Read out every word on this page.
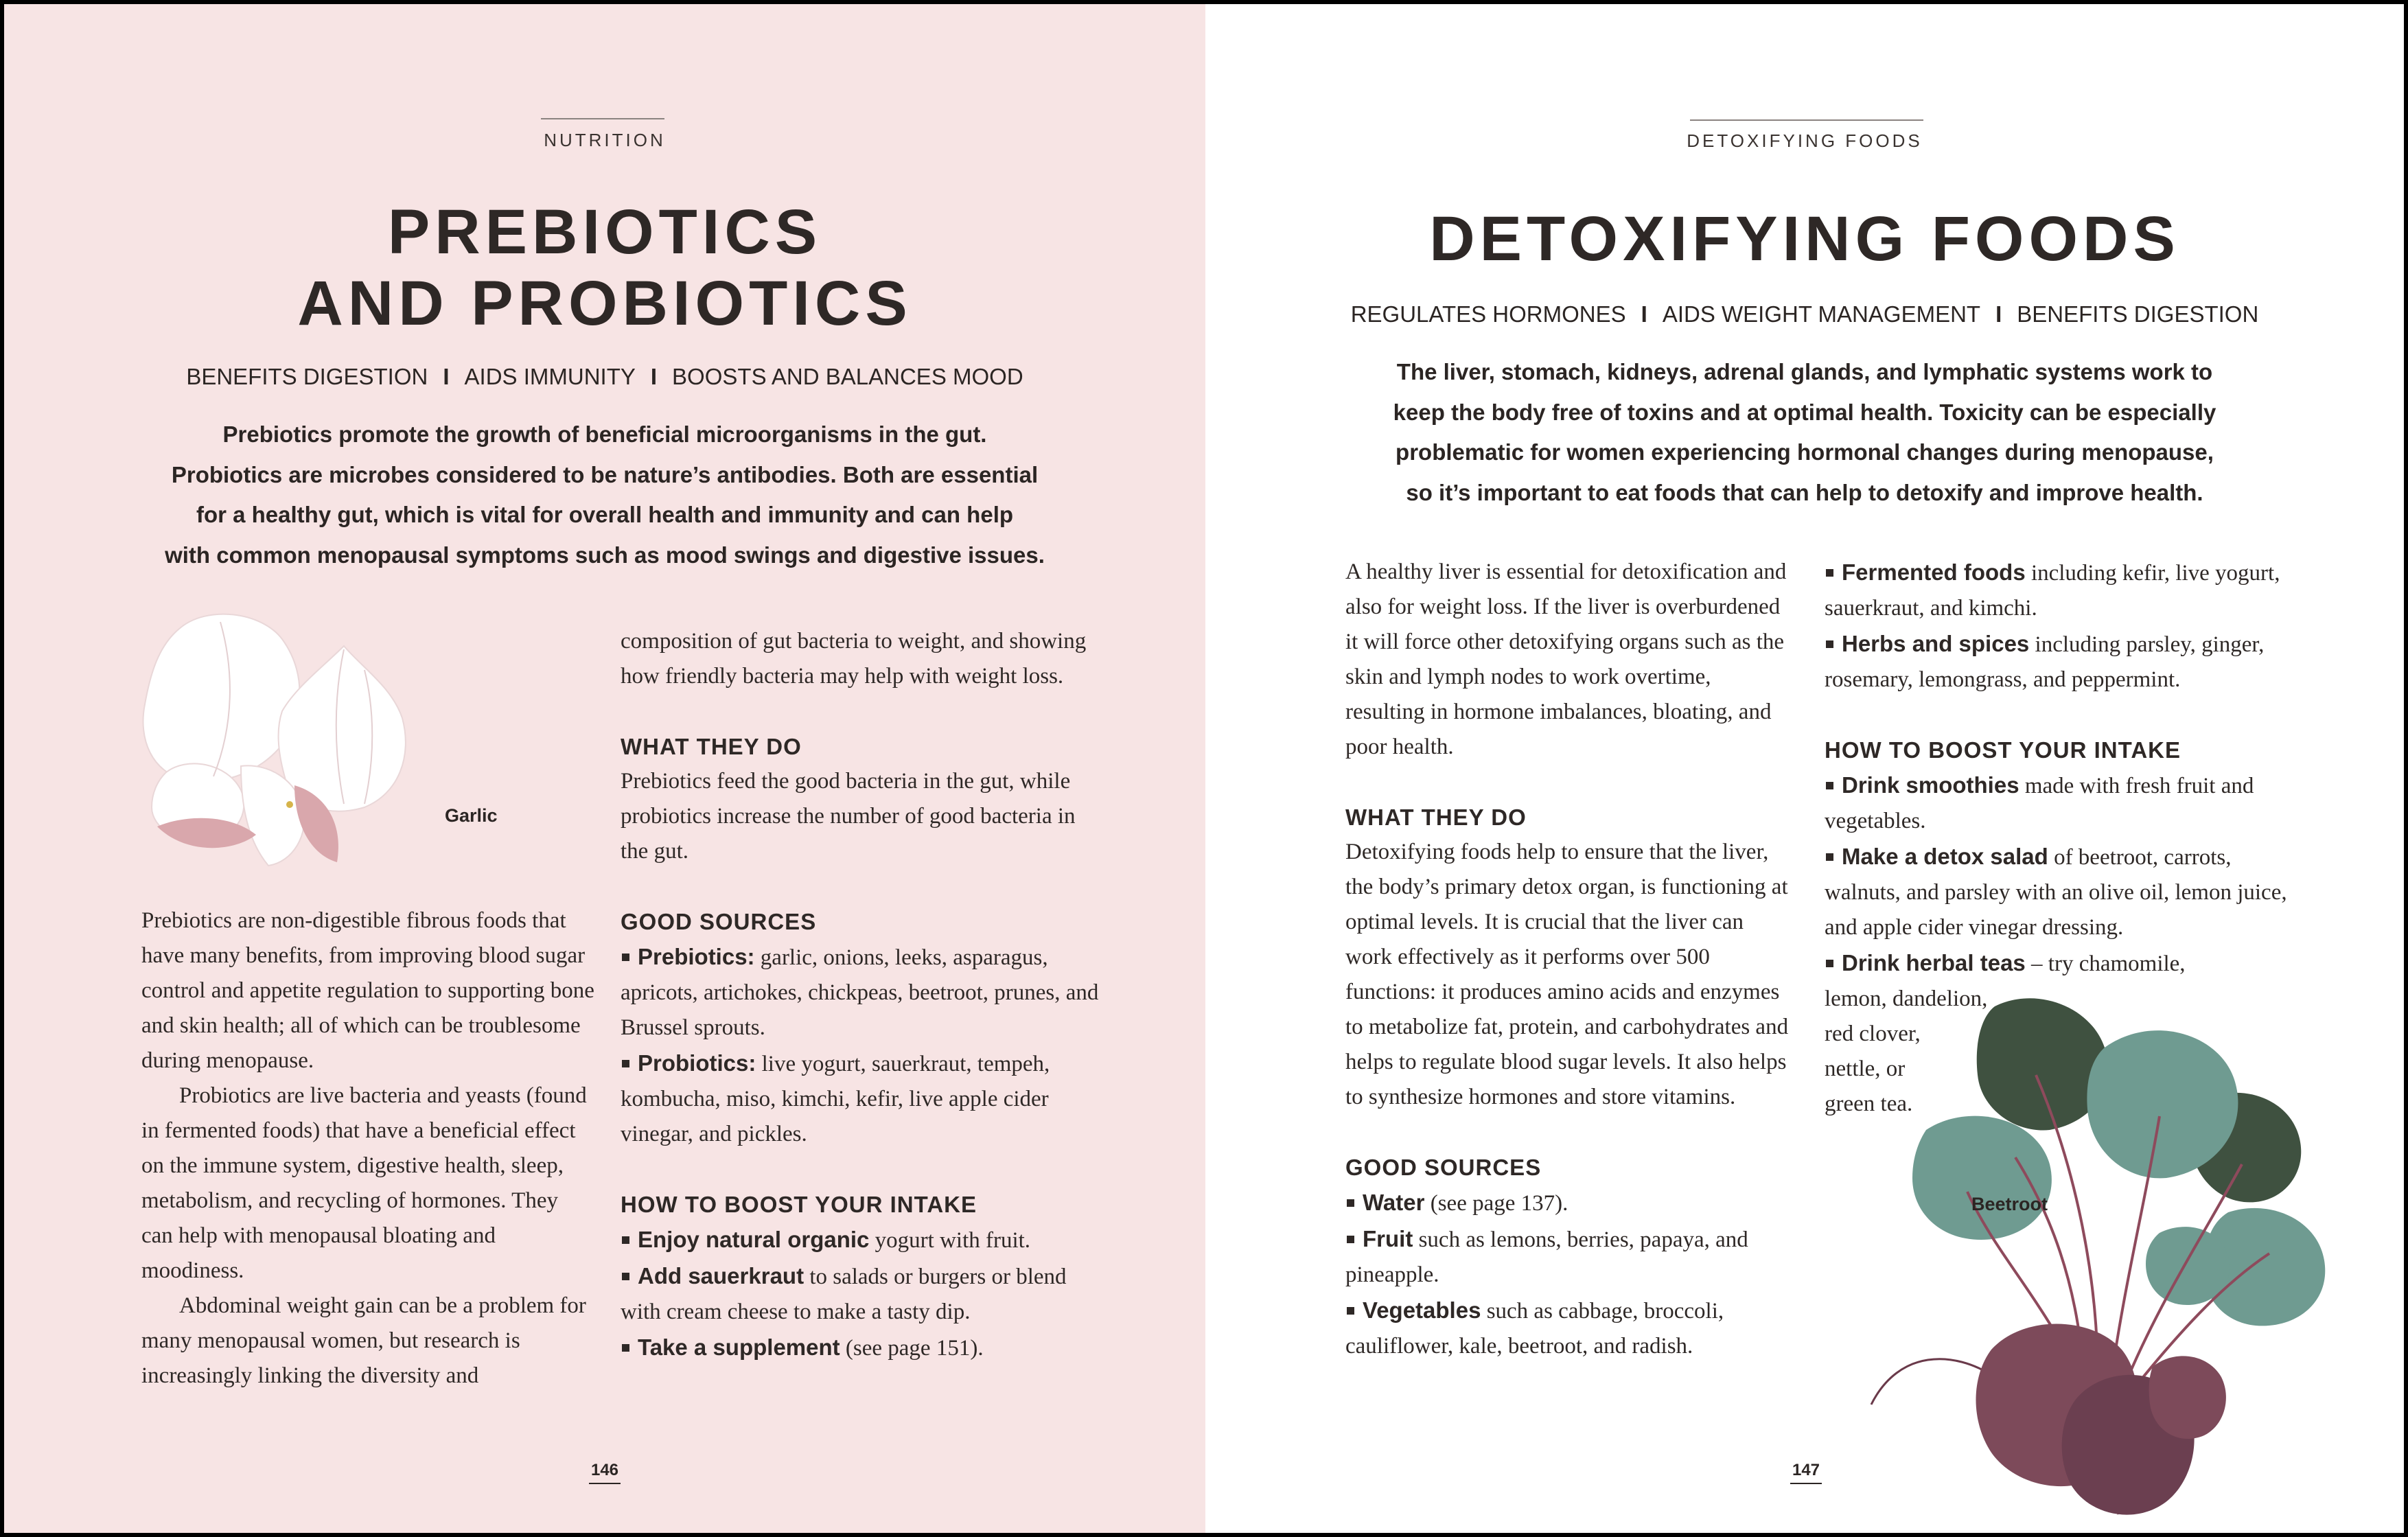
NUTRITION
PREBIOTICS
AND PROBIOTICS
BENEFITS DIGESTION I AIDS IMMUNITY I BOOSTS AND BALANCES MOOD
Prebiotics promote the growth of beneficial microorganisms in the gut.
Probiotics are microbes considered to be nature’s antibodies. Both are essential
for a healthy gut, which is vital for overall health and immunity and can help
with common menopausal symptoms such as mood swings and digestive issues.
Garlic

Prebiotics are non-digestible fibrous foods that have many benefits, from improving blood sugar control and appetite regulation to supporting bone and skin health; all of which can be troublesome during menopause.

Probiotics are live bacteria and yeasts (found in fermented foods) that have a beneficial effect on the immune system, digestive health, sleep, metabolism, and recycling of hormones. They can help with menopausal bloating and moodiness.

Abdominal weight gain can be a problem for many menopausal women, but research is increasingly linking the diversity and

composition of gut bacteria to weight, and showing how friendly bacteria may help with weight loss.

WHAT THEY DO

Prebiotics feed the good bacteria in the gut, while probiotics increase the number of good bacteria in the gut.

GOOD SOURCES

Prebiotics: garlic, onions, leeks, asparagus, apricots, artichokes, chickpeas, beetroot, prunes, and Brussel sprouts.

Probiotics: live yogurt, sauerkraut, tempeh, kombucha, miso, kimchi, kefir, live apple cider vinegar, and pickles.

HOW TO BOOST YOUR INTAKE

Enjoy natural organic yogurt with fruit.

Add sauerkraut to salads or burgers or blend with cream cheese to make a tasty dip.

Take a supplement (see page 151).

146
DETOXIFYING FOODS
DETOXIFYING FOODS
REGULATES HORMONES I AIDS WEIGHT MANAGEMENT I BENEFITS DIGESTION
The liver, stomach, kidneys, adrenal glands, and lymphatic systems work to
keep the body free of toxins and at optimal health. Toxicity can be especially
problematic for women experiencing hormonal changes during menopause,
so it’s important to eat foods that can help to detoxify and improve health.

A healthy liver is essential for detoxification and also for weight loss. If the liver is overburdened it will force other detoxifying organs such as the skin and lymph nodes to work overtime, resulting in hormone imbalances, bloating, and poor health.

WHAT THEY DO

Detoxifying foods help to ensure that the liver, the body’s primary detox organ, is functioning at optimal levels. It is crucial that the liver can work effectively as it performs over 500 functions: it produces amino acids and enzymes to metabolize fat, protein, and carbohydrates and helps to regulate blood sugar levels. It also helps to synthesize hormones and store vitamins.

GOOD SOURCES

Water (see page 137).

Fruit such as lemons, berries, papaya, and pineapple.

Vegetables such as cabbage, broccoli, cauliflower, kale, beetroot, and radish.

Fermented foods including kefir, live yogurt, sauerkraut, and kimchi.

Herbs and spices including parsley, ginger, rosemary, lemongrass, and peppermint.

HOW TO BOOST YOUR INTAKE

Drink smoothies made with fresh fruit and vegetables.

Make a detox salad of beetroot, carrots, walnuts, and parsley with an olive oil, lemon juice, and apple cider vinegar dressing.

Drink herbal teas – try chamomile,

lemon, dandelion,

red clover,

nettle, or

green tea.

Beetroot
147
